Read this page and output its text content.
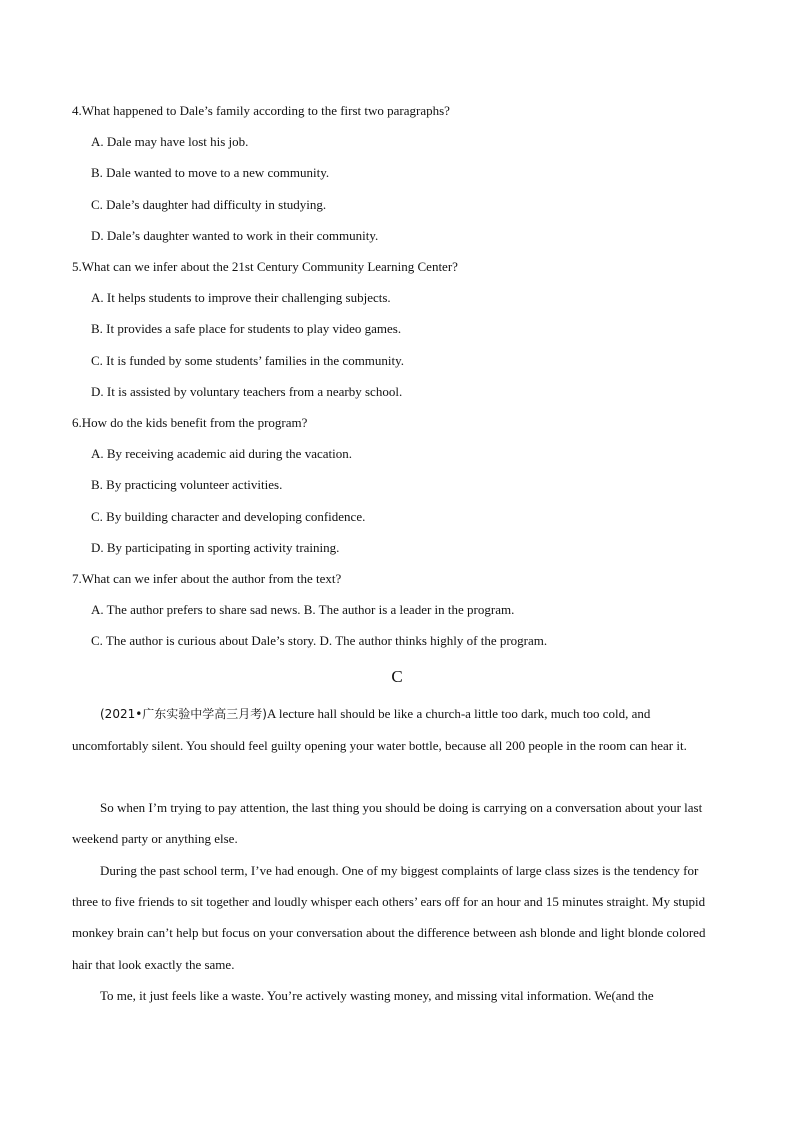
4.What happened to Dale’s family according to the first two paragraphs?
A. Dale may have lost his job.
B. Dale wanted to move to a new community.
C. Dale’s daughter had difficulty in studying.
D. Dale’s daughter wanted to work in their community.
5.What can we infer about the 21st Century Community Learning Center?
A. It helps students to improve their challenging subjects.
B. It provides a safe place for students to play video games.
C. It is funded by some students’ families in the community.
D. It is assisted by voluntary teachers from a nearby school.
6.How do the kids benefit from the program?
A. By receiving academic aid during the vacation.
B. By practicing volunteer activities.
C. By building character and developing confidence.
D. By participating in sporting activity training.
7.What can we infer about the author from the text?
A. The author prefers to share sad news. B. The author is a leader in the program.
C. The author is curious about Dale’s story. D. The author thinks highly of the program.
C
(2021•广东实验中学高三月考)A lecture hall should be like a church-a little too dark, much too cold, and uncomfortably silent. You should feel guilty opening your water bottle, because all 200 people in the room can hear it.
So when I’m trying to pay attention, the last thing you should be doing is carrying on a conversation about your last weekend party or anything else.
During the past school term, I’ve had enough. One of my biggest complaints of large class sizes is the tendency for three to five friends to sit together and loudly whisper each others’ ears off for an hour and 15 minutes straight. My stupid monkey brain can’t help but focus on your conversation about the difference between ash blonde and light blonde colored hair that look exactly the same.
To me, it just feels like a waste. You’re actively wasting money, and missing vital information. We(and the
